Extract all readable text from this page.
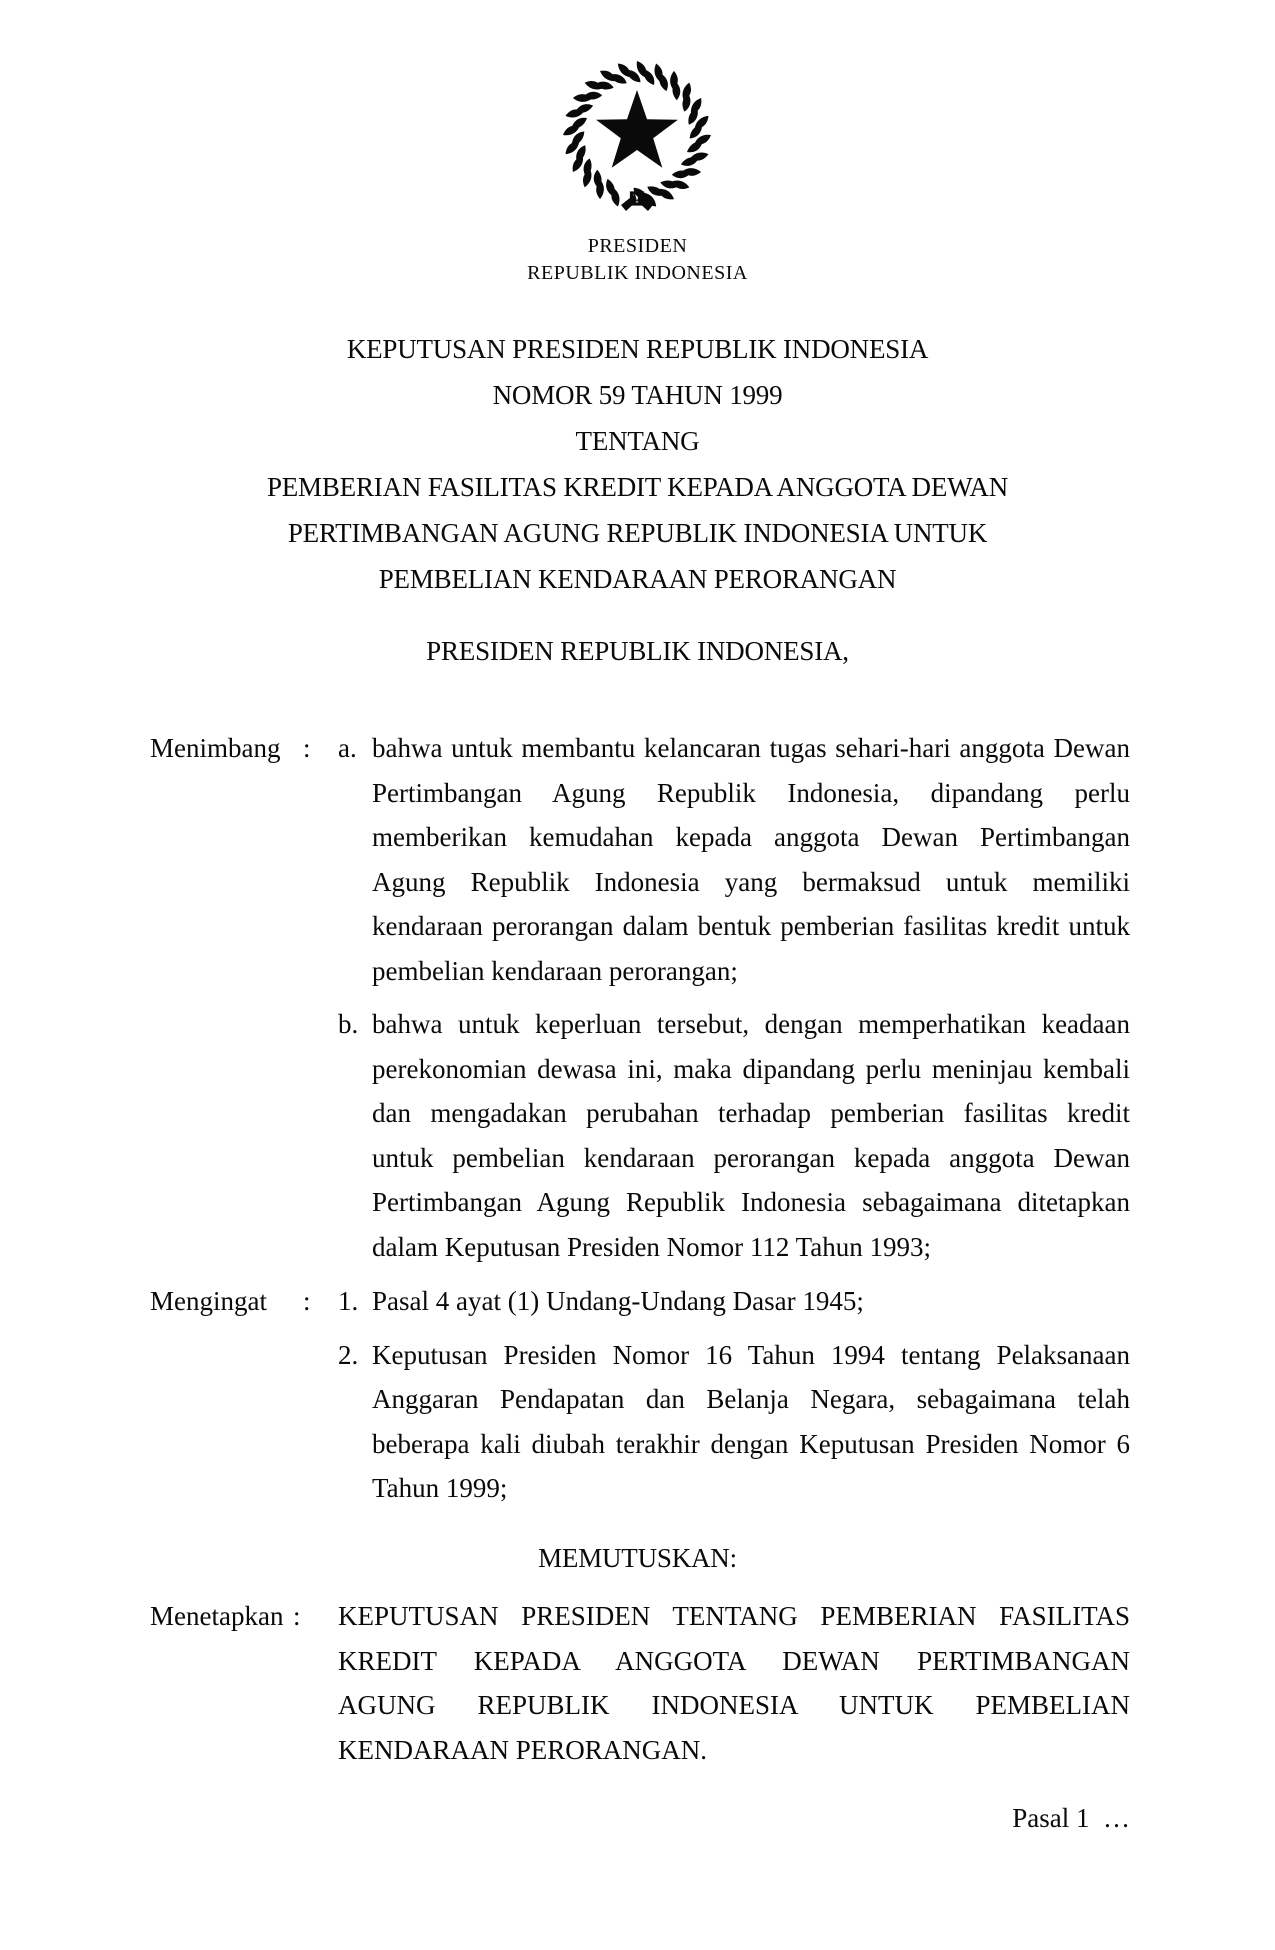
PRESIDEN
REPUBLIK INDONESIA
KEPUTUSAN PRESIDEN REPUBLIK INDONESIA
NOMOR 59 TAHUN 1999
TENTANG
PEMBERIAN FASILITAS KREDIT KEPADA ANGGOTA DEWAN
PERTIMBANGAN AGUNG REPUBLIK INDONESIA UNTUK
PEMBELIAN KENDARAAN PERORANGAN
PRESIDEN REPUBLIK INDONESIA,
Menimbang : a. bahwa untuk membantu kelancaran tugas sehari-hari anggota Dewan
Pertimbangan Agung Republik Indonesia, dipandang perlu
memberikan kemudahan kepada anggota Dewan Pertimbangan
Agung Republik Indonesia yang bermaksud untuk memiliki
kendaraan perorangan dalam bentuk pemberian fasilitas kredit untuk
pembelian kendaraan perorangan;
b. bahwa untuk keperluan tersebut, dengan memperhatikan keadaan
perekonomian dewasa ini, maka dipandang perlu meninjau kembali
dan mengadakan perubahan terhadap pemberian fasilitas kredit
untuk pembelian kendaraan perorangan kepada anggota Dewan
Pertimbangan Agung Republik Indonesia sebagaimana ditetapkan
dalam Keputusan Presiden Nomor 112 Tahun 1993;
Mengingat : 1. Pasal 4 ayat (1) Undang-Undang Dasar 1945;
2. Keputusan Presiden Nomor 16 Tahun 1994 tentang Pelaksanaan
Anggaran Pendapatan dan Belanja Negara, sebagaimana telah
beberapa kali diubah terakhir dengan Keputusan Presiden Nomor 6
Tahun 1999;
MEMUTUSKAN:
Menetapkan : KEPUTUSAN PRESIDEN TENTANG PEMBERIAN FASILITAS
KREDIT KEPADA ANGGOTA DEWAN PERTIMBANGAN
AGUNG REPUBLIK INDONESIA UNTUK PEMBELIAN
KENDARAAN PERORANGAN.
Pasal 1  …
